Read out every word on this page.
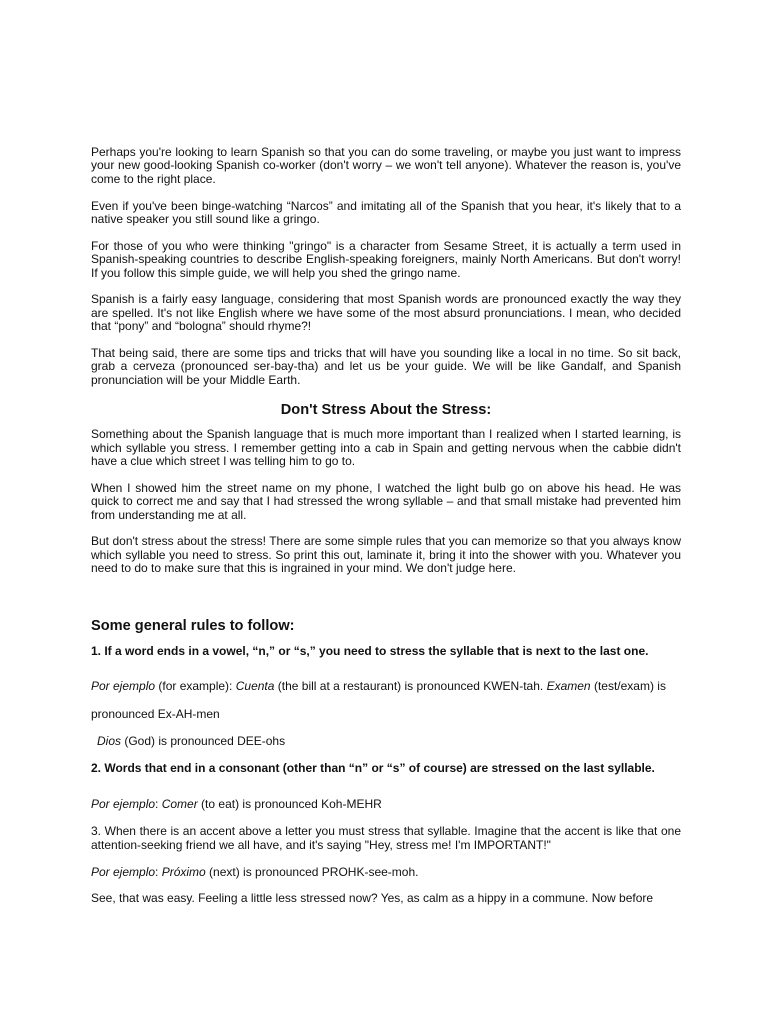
Perhaps you're looking to learn Spanish so that you can do some traveling, or maybe you just want to impress your new good-looking Spanish co-worker (don't worry – we won't tell anyone). Whatever the reason is, you've come to the right place.

Even if you've been binge-watching “Narcos” and imitating all of the Spanish that you hear, it's likely that to a native speaker you still sound like a gringo.

For those of you who were thinking "gringo" is a character from Sesame Street, it is actually a term used in Spanish-speaking countries to describe English-speaking foreigners, mainly North Americans. But don't worry! If you follow this simple guide, we will help you shed the gringo name.

Spanish is a fairly easy language, considering that most Spanish words are pronounced exactly the way they are spelled. It's not like English where we have some of the most absurd pronunciations. I mean, who decided that “pony” and “bologna” should rhyme?!

That being said, there are some tips and tricks that will have you sounding like a local in no time. So sit back, grab a cerveza (pronounced ser-bay-tha) and let us be your guide. We will be like Gandalf, and Spanish pronunciation will be your Middle Earth.

Don't Stress About the Stress:

Something about the Spanish language that is much more important than I realized when I started learning, is which syllable you stress. I remember getting into a cab in Spain and getting nervous when the cabbie didn't have a clue which street I was telling him to go to.

When I showed him the street name on my phone, I watched the light bulb go on above his head. He was quick to correct me and say that I had stressed the wrong syllable – and that small mistake had prevented him from understanding me at all.

But don't stress about the stress! There are some simple rules that you can memorize so that you always know which syllable you need to stress. So print this out, laminate it, bring it into the shower with you. Whatever you need to do to make sure that this is ingrained in your mind. We don't judge here.

Some general rules to follow:

1. If a word ends in a vowel, “n,” or “s,” you need to stress the syllable that is next to the last one.

Por ejemplo (for example): Cuenta (the bill at a restaurant) is pronounced KWEN-tah. Examen (test/exam) is

pronounced Ex-AH-men

Dios (God) is pronounced DEE-ohs

2. Words that end in a consonant (other than “n” or “s” of course) are stressed on the last syllable.

Por ejemplo: Comer (to eat) is pronounced Koh-MEHR

3. When there is an accent above a letter you must stress that syllable. Imagine that the accent is like that one attention-seeking friend we all have, and it's saying "Hey, stress me! I'm IMPORTANT!"

Por ejemplo: Próximo (next) is pronounced PROHK-see-moh.

See, that was easy. Feeling a little less stressed now? Yes, as calm as a hippy in a commune. Now before
